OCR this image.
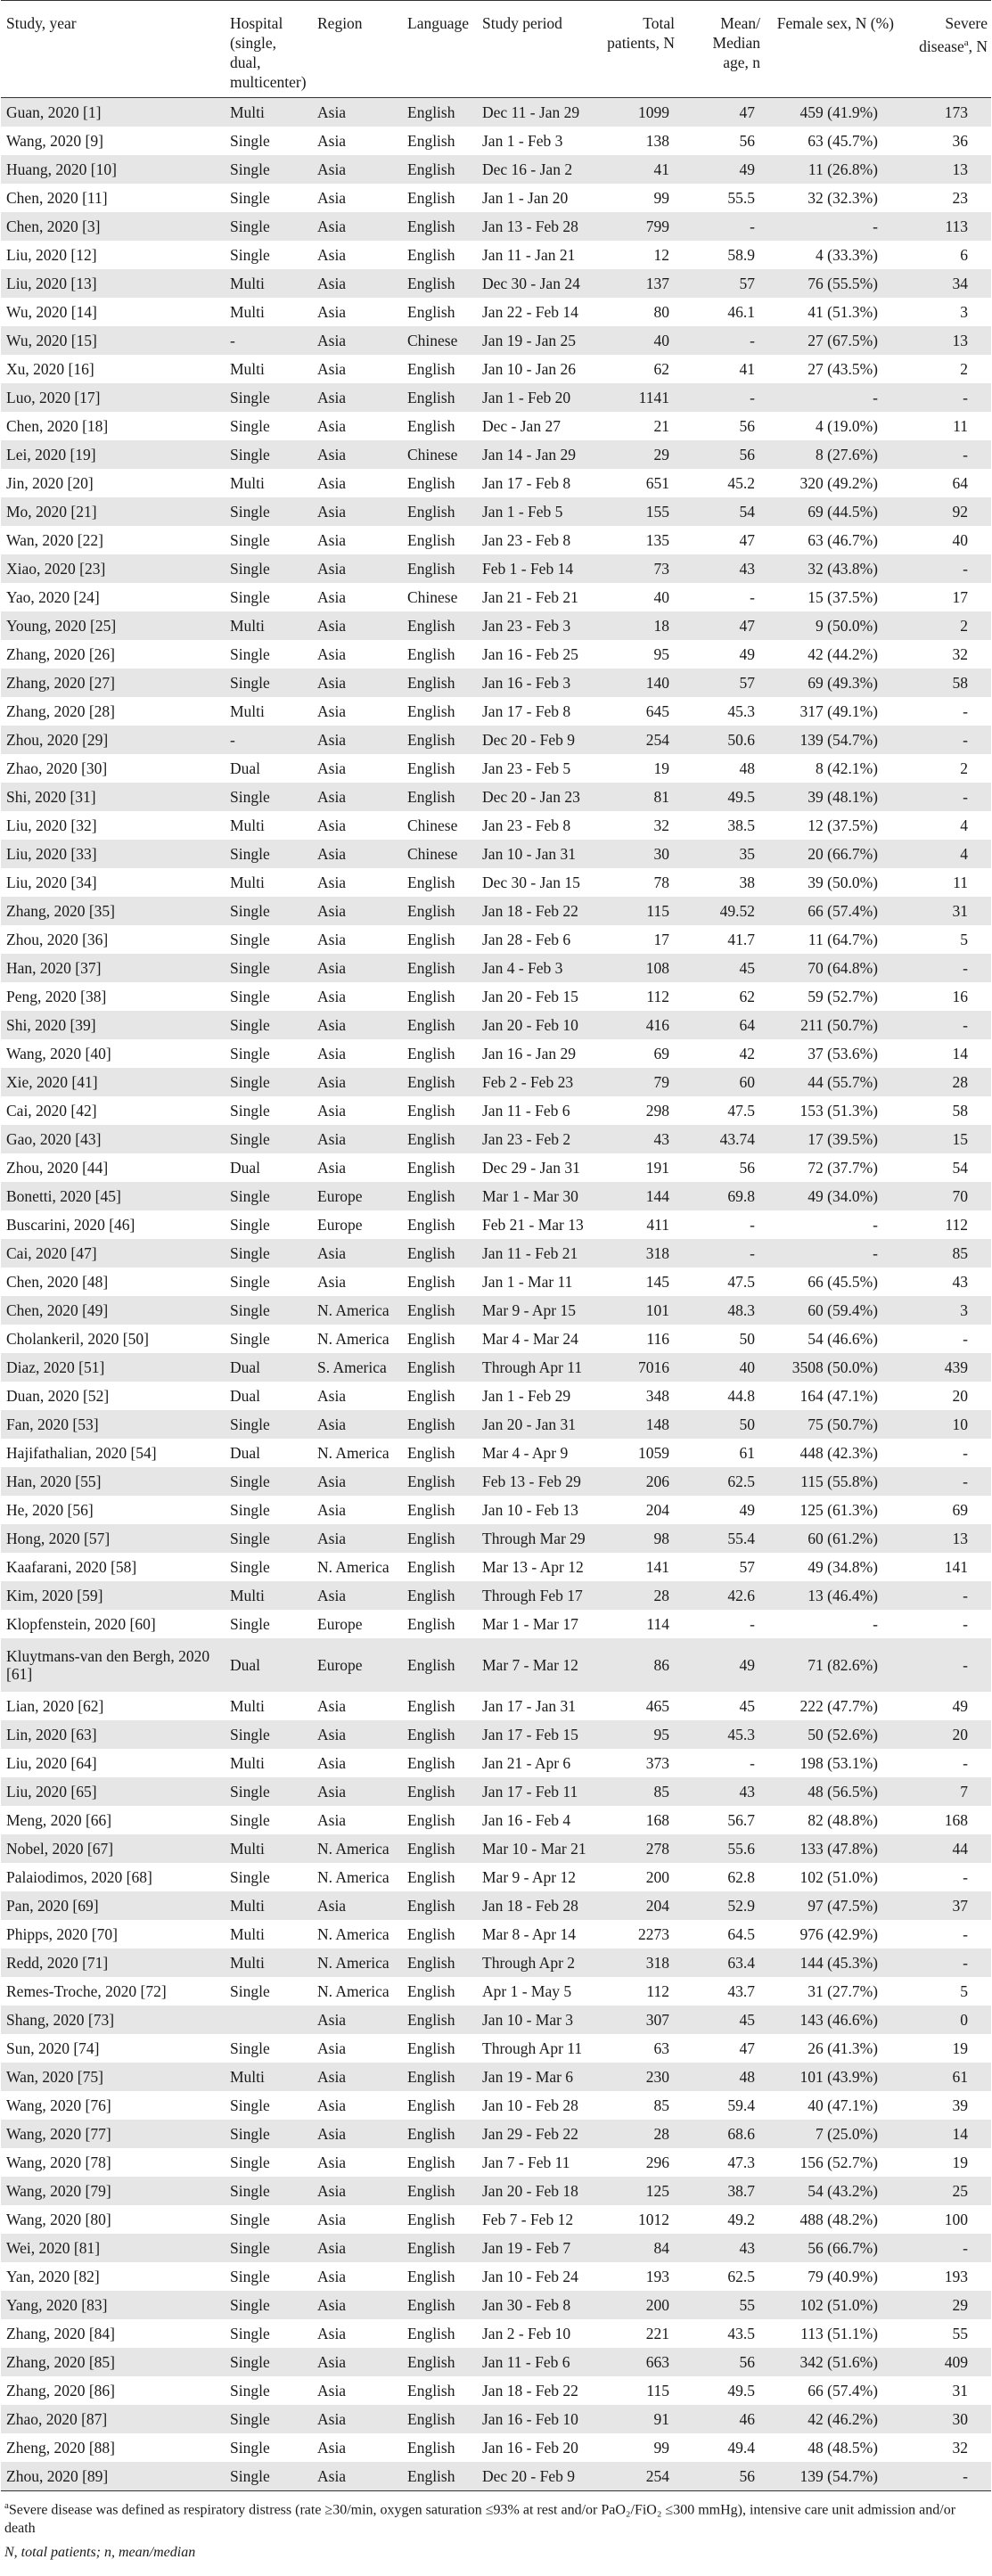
Study, year	Hospital (single, dual, multicenter)	Region	Language	Study period	Total patients, N	Mean/ Median age, n	Female sex, N (%)	Severe disease$^a$, N
Guan, 2020 [1]	Multi	Asia	English	Dec 11 - Jan 29	1099	47	459 (41.9%)	173
Wang, 2020 [9]	Single	Asia	English	Jan 1 - Feb 3	138	56	63 (45.7%)	36
Huang, 2020 [10]	Single	Asia	English	Dec 16 - Jan 2	41	49	11 (26.8%)	13
Chen, 2020 [11]	Single	Asia	English	Jan 1 - Jan 20	99	55.5	32 (32.3%)	23
Chen, 2020 [3]	Single	Asia	English	Jan 13 - Feb 28	799	-	-	113
Liu, 2020 [12]	Single	Asia	English	Jan 11 - Jan 21	12	58.9	4 (33.3%)	6
Liu, 2020 [13]	Multi	Asia	English	Dec 30 - Jan 24	137	57	76 (55.5%)	34
Wu, 2020 [14]	Multi	Asia	English	Jan 22 - Feb 14	80	46.1	41 (51.3%)	3
Wu, 2020 [15]	-	Asia	Chinese	Jan 19 - Jan 25	40	-	27 (67.5%)	13
Xu, 2020 [16]	Multi	Asia	English	Jan 10 - Jan 26	62	41	27 (43.5%)	2
Luo, 2020 [17]	Single	Asia	English	Jan 1 - Feb 20	1141	-	-	-
Chen, 2020 [18]	Single	Asia	English	Dec - Jan 27	21	56	4 (19.0%)	11
Lei, 2020 [19]	Single	Asia	Chinese	Jan 14 - Jan 29	29	56	8 (27.6%)	-
Jin, 2020 [20]	Multi	Asia	English	Jan 17 - Feb 8	651	45.2	320 (49.2%)	64
Mo, 2020 [21]	Single	Asia	English	Jan 1 - Feb 5	155	54	69 (44.5%)	92
Wan, 2020 [22]	Single	Asia	English	Jan 23 - Feb 8	135	47	63 (46.7%)	40
Xiao, 2020 [23]	Single	Asia	English	Feb 1 - Feb 14	73	43	32 (43.8%)	-
Yao, 2020 [24]	Single	Asia	Chinese	Jan 21 - Feb 21	40	-	15 (37.5%)	17
Young, 2020 [25]	Multi	Asia	English	Jan 23 - Feb 3	18	47	9 (50.0%)	2
Zhang, 2020 [26]	Single	Asia	English	Jan 16 - Feb 25	95	49	42 (44.2%)	32
Zhang, 2020 [27]	Single	Asia	English	Jan 16 - Feb 3	140	57	69 (49.3%)	58
Zhang, 2020 [28]	Multi	Asia	English	Jan 17 - Feb 8	645	45.3	317 (49.1%)	-
Zhou, 2020 [29]	-	Asia	English	Dec 20 - Feb 9	254	50.6	139 (54.7%)	-
Zhao, 2020 [30]	Dual	Asia	English	Jan 23 - Feb 5	19	48	8 (42.1%)	2
Shi, 2020 [31]	Single	Asia	English	Dec 20 - Jan 23	81	49.5	39 (48.1%)	-
Liu, 2020 [32]	Multi	Asia	Chinese	Jan 23 - Feb 8	32	38.5	12 (37.5%)	4
Liu, 2020 [33]	Single	Asia	Chinese	Jan 10 - Jan 31	30	35	20 (66.7%)	4
Liu, 2020 [34]	Multi	Asia	English	Dec 30 - Jan 15	78	38	39 (50.0%)	11
Zhang, 2020 [35]	Single	Asia	English	Jan 18 - Feb 22	115	49.52	66 (57.4%)	31
Zhou, 2020 [36]	Single	Asia	English	Jan 28 - Feb 6	17	41.7	11 (64.7%)	5
Han, 2020 [37]	Single	Asia	English	Jan 4 - Feb 3	108	45	70 (64.8%)	-
Peng, 2020 [38]	Single	Asia	English	Jan 20 - Feb 15	112	62	59 (52.7%)	16
Shi, 2020 [39]	Single	Asia	English	Jan 20 - Feb 10	416	64	211 (50.7%)	-
Wang, 2020 [40]	Single	Asia	English	Jan 16 - Jan 29	69	42	37 (53.6%)	14
Xie, 2020 [41]	Single	Asia	English	Feb 2 - Feb 23	79	60	44 (55.7%)	28
Cai, 2020 [42]	Single	Asia	English	Jan 11 - Feb 6	298	47.5	153 (51.3%)	58
Gao, 2020 [43]	Single	Asia	English	Jan 23 - Feb 2	43	43.74	17 (39.5%)	15
Zhou, 2020 [44]	Dual	Asia	English	Dec 29 - Jan 31	191	56	72 (37.7%)	54
Bonetti, 2020 [45]	Single	Europe	English	Mar 1 - Mar 30	144	69.8	49 (34.0%)	70
Buscarini, 2020 [46]	Single	Europe	English	Feb 21 - Mar 13	411	-	-	112
Cai, 2020 [47]	Single	Asia	English	Jan 11 - Feb 21	318	-	-	85
Chen, 2020 [48]	Single	Asia	English	Jan 1 - Mar 11	145	47.5	66 (45.5%)	43
Chen, 2020 [49]	Single	N. America	English	Mar 9 - Apr 15	101	48.3	60 (59.4%)	3
Cholankeril, 2020 [50]	Single	N. America	English	Mar 4 - Mar 24	116	50	54 (46.6%)	-
Diaz, 2020 [51]	Dual	S. America	English	Through Apr 11	7016	40	3508 (50.0%)	439
Duan, 2020 [52]	Dual	Asia	English	Jan 1 - Feb 29	348	44.8	164 (47.1%)	20
Fan, 2020 [53]	Single	Asia	English	Jan 20 - Jan 31	148	50	75 (50.7%)	10
Hajifathalian, 2020 [54]	Dual	N. America	English	Mar 4 - Apr 9	1059	61	448 (42.3%)	-
Han, 2020 [55]	Single	Asia	English	Feb 13 - Feb 29	206	62.5	115 (55.8%)	-
He, 2020 [56]	Single	Asia	English	Jan 10 - Feb 13	204	49	125 (61.3%)	69
Hong, 2020 [57]	Single	Asia	English	Through Mar 29	98	55.4	60 (61.2%)	13
Kaafarani, 2020 [58]	Single	N. America	English	Mar 13 - Apr 12	141	57	49 (34.8%)	141
Kim, 2020 [59]	Multi	Asia	English	Through Feb 17	28	42.6	13 (46.4%)	-
Klopfenstein, 2020 [60]	Single	Europe	English	Mar 1 - Mar 17	114	-	-	-
Kluytmans-van den Bergh, 2020 [61]	Dual	Europe	English	Mar 7 - Mar 12	86	49	71 (82.6%)	-
Lian, 2020 [62]	Multi	Asia	English	Jan 17 - Jan 31	465	45	222 (47.7%)	49
Lin, 2020 [63]	Single	Asia	English	Jan 17 - Feb 15	95	45.3	50 (52.6%)	20
Liu, 2020 [64]	Multi	Asia	English	Jan 21 - Apr 6	373	-	198 (53.1%)	-
Liu, 2020 [65]	Single	Asia	English	Jan 17 - Feb 11	85	43	48 (56.5%)	7
Meng, 2020 [66]	Single	Asia	English	Jan 16 - Feb 4	168	56.7	82 (48.8%)	168
Nobel, 2020 [67]	Multi	N. America	English	Mar 10 - Mar 21	278	55.6	133 (47.8%)	44
Palaiodimos, 2020 [68]	Single	N. America	English	Mar 9 - Apr 12	200	62.8	102 (51.0%)	-
Pan, 2020 [69]	Multi	Asia	English	Jan 18 - Feb 28	204	52.9	97 (47.5%)	37
Phipps, 2020 [70]	Multi	N. America	English	Mar 8 - Apr 14	2273	64.5	976 (42.9%)	-
Redd, 2020 [71]	Multi	N. America	English	Through Apr 2	318	63.4	144 (45.3%)	-
Remes-Troche, 2020 [72]	Single	N. America	English	Apr 1 - May 5	112	43.7	31 (27.7%)	5
Shang, 2020 [73]		Asia	English	Jan 10 - Mar 3	307	45	143 (46.6%)	0
Sun, 2020 [74]	Single	Asia	English	Through Apr 11	63	47	26 (41.3%)	19
Wan, 2020 [75]	Multi	Asia	English	Jan 19 - Mar 6	230	48	101 (43.9%)	61
Wang, 2020 [76]	Single	Asia	English	Jan 10 - Feb 28	85	59.4	40 (47.1%)	39
Wang, 2020 [77]	Single	Asia	English	Jan 29 - Feb 22	28	68.6	7 (25.0%)	14
Wang, 2020 [78]	Single	Asia	English	Jan 7 - Feb 11	296	47.3	156 (52.7%)	19
Wang, 2020 [79]	Single	Asia	English	Jan 20 - Feb 18	125	38.7	54 (43.2%)	25
Wang, 2020 [80]	Single	Asia	English	Feb 7 - Feb 12	1012	49.2	488 (48.2%)	100
Wei, 2020 [81]	Single	Asia	English	Jan 19 - Feb 7	84	43	56 (66.7%)	-
Yan, 2020 [82]	Single	Asia	English	Jan 10 - Feb 24	193	62.5	79 (40.9%)	193
Yang, 2020 [83]	Single	Asia	English	Jan 30 - Feb 8	200	55	102 (51.0%)	29
Zhang, 2020 [84]	Single	Asia	English	Jan 2 - Feb 10	221	43.5	113 (51.1%)	55
Zhang, 2020 [85]	Single	Asia	English	Jan 11 - Feb 6	663	56	342 (51.6%)	409
Zhang, 2020 [86]	Single	Asia	English	Jan 18 - Feb 22	115	49.5	66 (57.4%)	31
Zhao, 2020 [87]	Single	Asia	English	Jan 16 - Feb 10	91	46	42 (46.2%)	30
Zheng, 2020 [88]	Single	Asia	English	Jan 16 - Feb 20	99	49.4	48 (48.5%)	32
Zhou, 2020 [89]	Single	Asia	English	Dec 20 - Feb 9	254	56	139 (54.7%)	-

$^a$Severe disease was defined as respiratory distress (rate ≥30/min, oxygen saturation ≤93% at rest and/or PaO₂/FiO₂ ≤300 mmHg), intensive care unit admission and/or death

N, total patients; n, mean/median
